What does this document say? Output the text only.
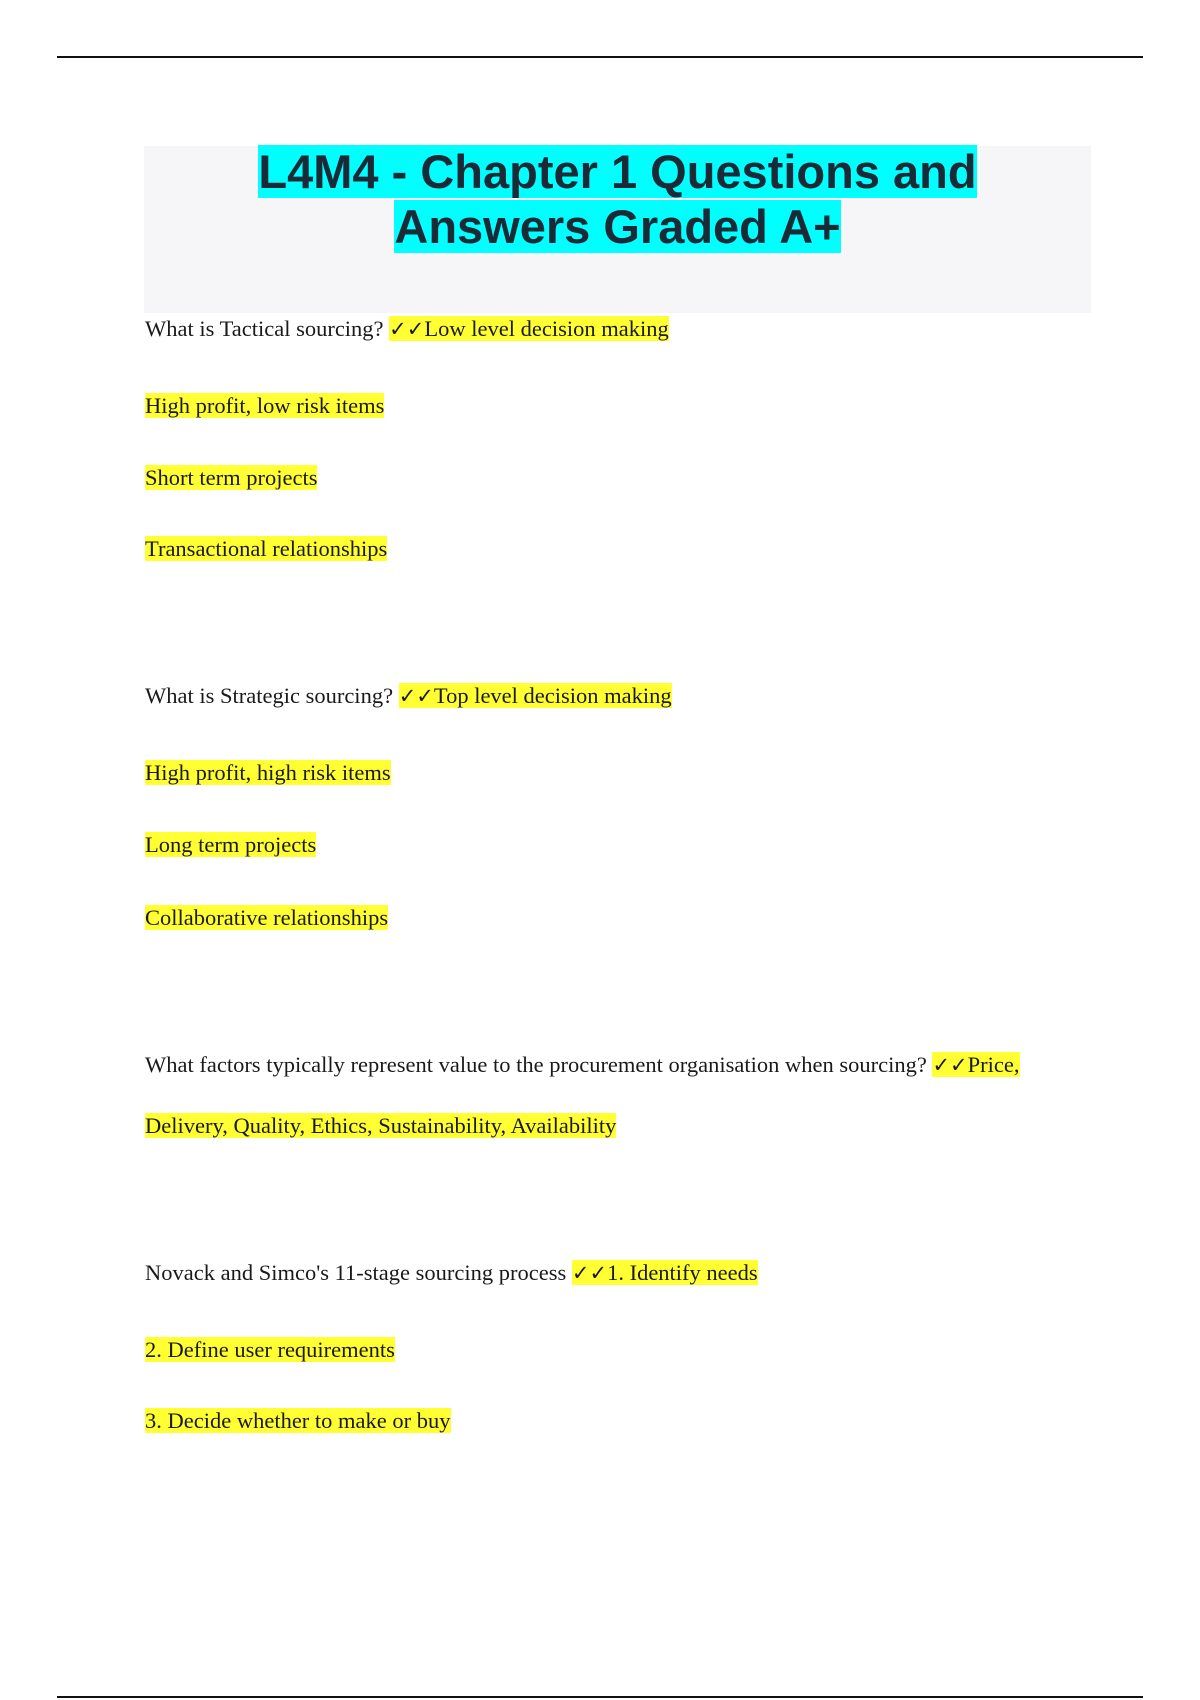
L4M4 - Chapter 1 Questions and
Answers Graded A+

What is Tactical sourcing? ✓✓Low level decision making

High profit, low risk items

Short term projects

Transactional relationships

What is Strategic sourcing? ✓✓Top level decision making

High profit, high risk items

Long term projects

Collaborative relationships

What factors typically represent value to the procurement organisation when sourcing? ✓✓Price,

Delivery, Quality, Ethics, Sustainability, Availability

Novack and Simco's 11-stage sourcing process ✓✓1. Identify needs

2. Define user requirements

3. Decide whether to make or buy
